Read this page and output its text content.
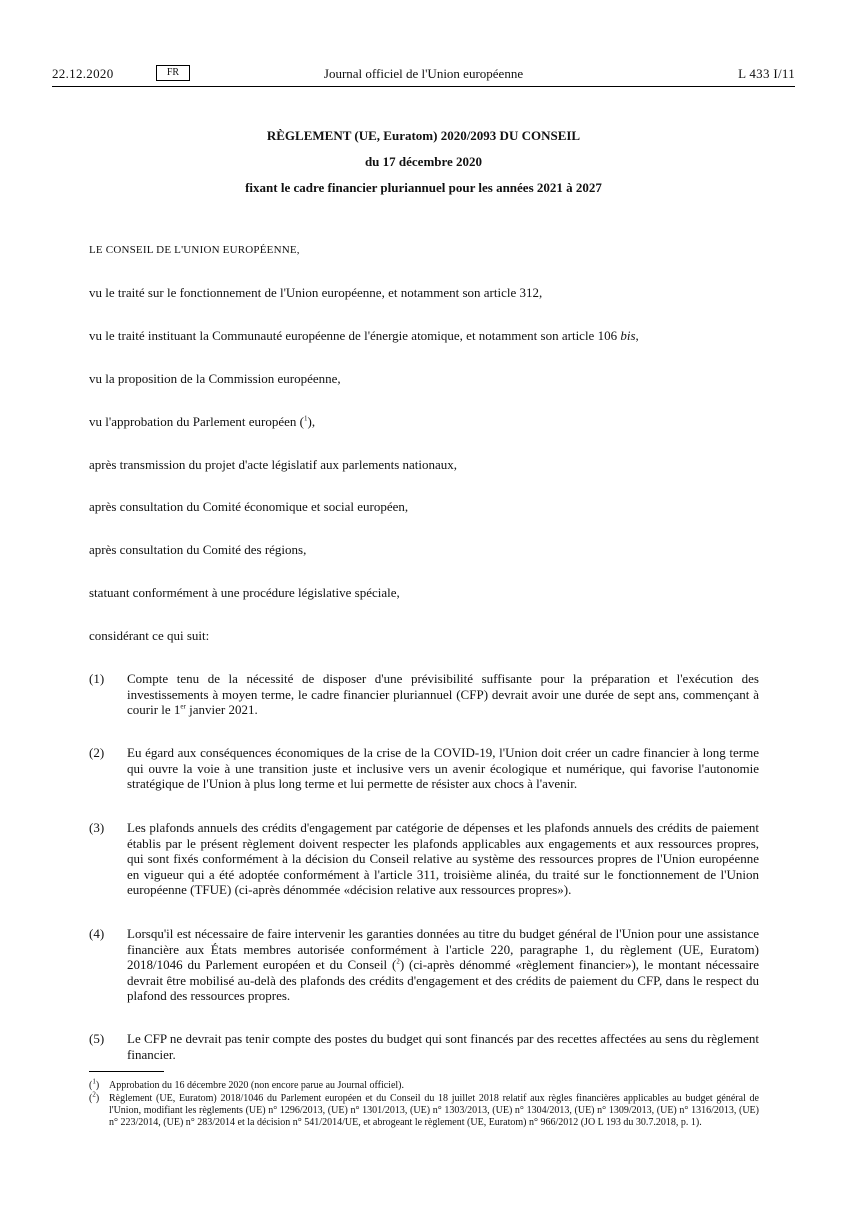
22.12.2020	FR	Journal officiel de l'Union européenne	L 433 I/11
RÈGLEMENT (UE, Euratom) 2020/2093 DU CONSEIL
du 17 décembre 2020
fixant le cadre financier pluriannuel pour les années 2021 à 2027
LE CONSEIL DE L'UNION EUROPÉENNE,
vu le traité sur le fonctionnement de l'Union européenne, et notamment son article 312,
vu le traité instituant la Communauté européenne de l'énergie atomique, et notamment son article 106 bis,
vu la proposition de la Commission européenne,
vu l'approbation du Parlement européen ($^1$),
après transmission du projet d'acte législatif aux parlements nationaux,
après consultation du Comité économique et social européen,
après consultation du Comité des régions,
statuant conformément à une procédure législative spéciale,
considérant ce qui suit:
(1) Compte tenu de la nécessité de disposer d'une prévisibilité suffisante pour la préparation et l'exécution des investissements à moyen terme, le cadre financier pluriannuel (CFP) devrait avoir une durée de sept ans, commençant à courir le 1er janvier 2021.
(2) Eu égard aux conséquences économiques de la crise de la COVID-19, l'Union doit créer un cadre financier à long terme qui ouvre la voie à une transition juste et inclusive vers un avenir écologique et numérique, qui favorise l'autonomie stratégique de l'Union à plus long terme et lui permette de résister aux chocs à l'avenir.
(3) Les plafonds annuels des crédits d'engagement par catégorie de dépenses et les plafonds annuels des crédits de paiement établis par le présent règlement doivent respecter les plafonds applicables aux engagements et aux ressources propres, qui sont fixés conformément à la décision du Conseil relative au système des ressources propres de l'Union européenne en vigueur qui a été adoptée conformément à l'article 311, troisième alinéa, du traité sur le fonctionnement de l'Union européenne (TFUE) (ci-après dénommée «décision relative aux ressources propres»).
(4) Lorsqu'il est nécessaire de faire intervenir les garanties données au titre du budget général de l'Union pour une assistance financière aux États membres autorisée conformément à l'article 220, paragraphe 1, du règlement (UE, Euratom) 2018/1046 du Parlement européen et du Conseil ($^2$) (ci-après dénommé «règlement financier»), le montant nécessaire devrait être mobilisé au-delà des plafonds des crédits d'engagement et des crédits de paiement du CFP, dans le respect du plafond des ressources propres.
(5) Le CFP ne devrait pas tenir compte des postes du budget qui sont financés par des recettes affectées au sens du règlement financier.
($^1$) Approbation du 16 décembre 2020 (non encore parue au Journal officiel).
($^2$) Règlement (UE, Euratom) 2018/1046 du Parlement européen et du Conseil du 18 juillet 2018 relatif aux règles financières applicables au budget général de l'Union, modifiant les règlements (UE) n° 1296/2013, (UE) n° 1301/2013, (UE) n° 1303/2013, (UE) n° 1304/2013, (UE) n° 1309/2013, (UE) n° 1316/2013, (UE) n° 223/2014, (UE) n° 283/2014 et la décision n° 541/2014/UE, et abrogeant le règlement (UE, Euratom) n° 966/2012 (JO L 193 du 30.7.2018, p. 1).
